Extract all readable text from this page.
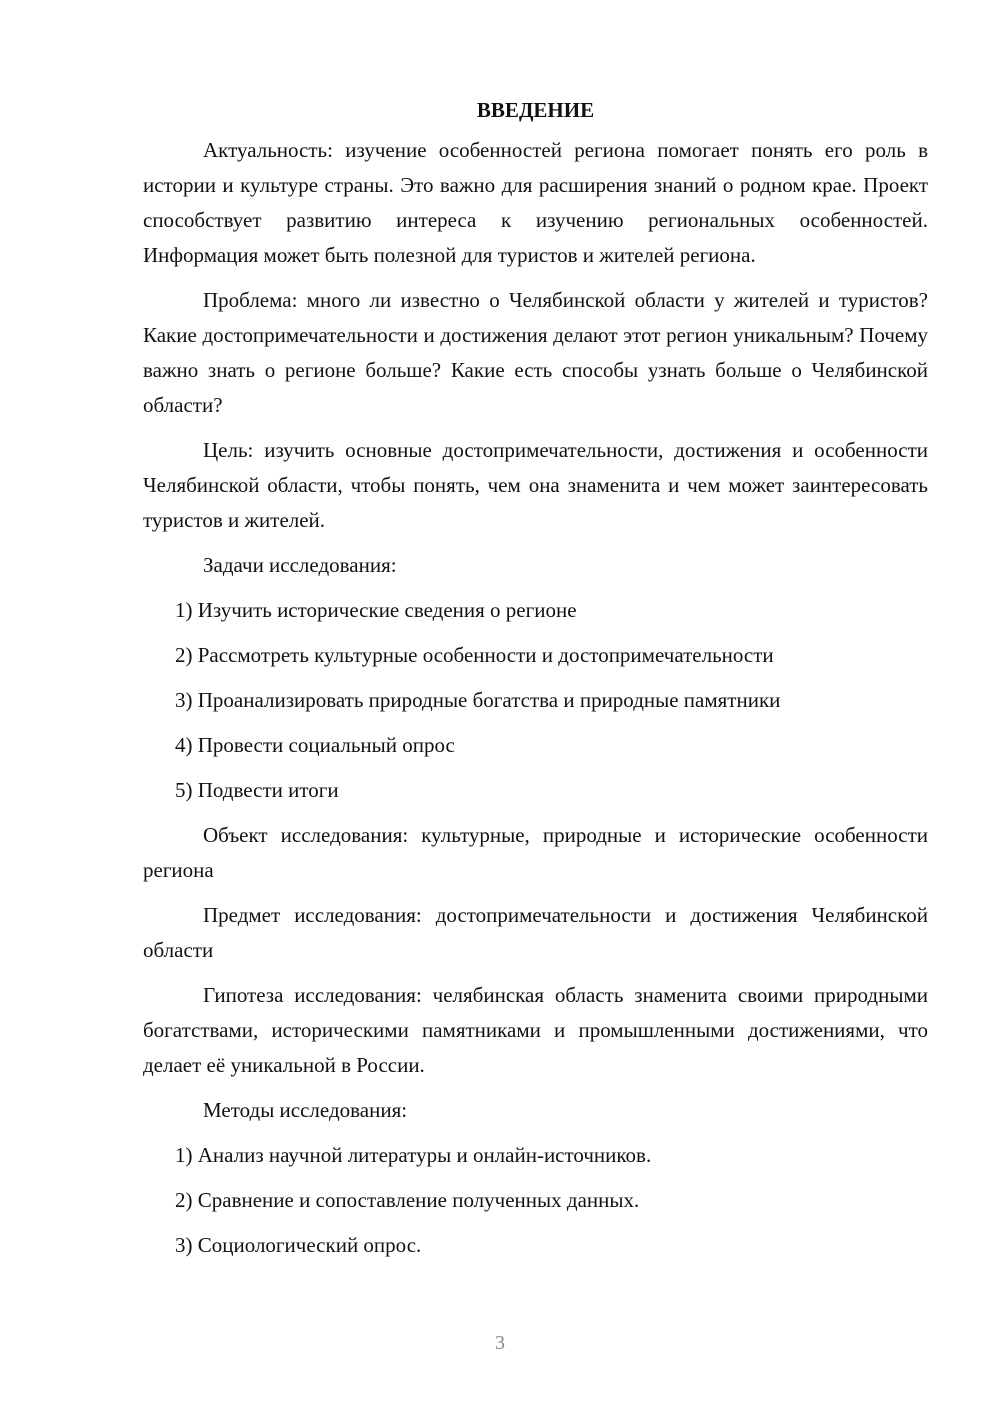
ВВЕДЕНИЕ

Актуальность: изучение особенностей региона помогает понять его роль в истории и культуре страны. Это важно для расширения знаний о родном крае. Проект способствует развитию интереса к изучению региональных особенностей. Информация может быть полезной для туристов и жителей региона.

Проблема: много ли известно о Челябинской области у жителей и туристов? Какие достопримечательности и достижения делают этот регион уникальным? Почему важно знать о регионе больше? Какие есть способы узнать больше о Челябинской области?

Цель: изучить основные достопримечательности, достижения и особенности Челябинской области, чтобы понять, чем она знаменита и чем может заинтересовать туристов и жителей.

Задачи исследования:
1) Изучить исторические сведения о регионе
2) Рассмотреть культурные особенности и достопримечательности
3) Проанализировать природные богатства и природные памятники
4) Провести социальный опрос
5) Подвести итоги

Объект исследования: культурные, природные и исторические особенности региона

Предмет исследования: достопримечательности и достижения Челябинской области

Гипотеза исследования: челябинская область знаменита своими природными богатствами, историческими памятниками и промышленными достижениями, что делает её уникальной в России.

Методы исследования:
1) Анализ научной литературы и онлайн-источников.
2) Сравнение и сопоставление полученных данных.
3) Социологический опрос.
3
